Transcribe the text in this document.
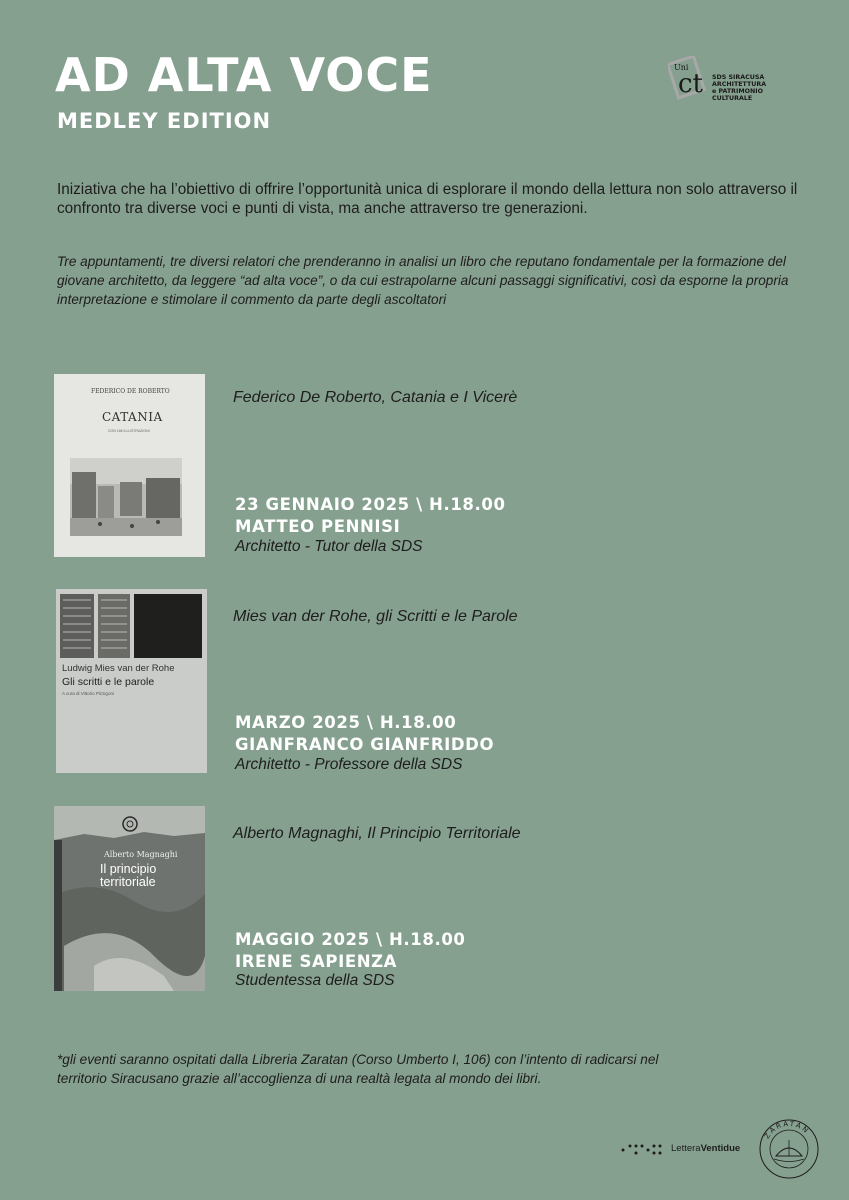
AD ALTA VOCE
MEDLEY EDITION
Uni
ct SDS SIRACUSA
ARCHITETTURA
e PATRIMONIO CULTURALE

Iniziativa che ha l’obiettivo di offrire l’opportunità unica di esplorare il mondo della lettura non solo attraverso il confronto tra diverse voci e punti di vista, ma anche attraverso tre generazioni.

Tre appuntamenti, tre diversi relatori che prenderanno in analisi un libro che reputano fondamentale per la formazione del giovane architetto, da leggere “ad alta voce”, o da cui estrapolarne alcuni passaggi significativi, così da esporne la propria interpretazione e stimolare il commento da parte degli ascoltatori

FEDERICO DE ROBERTO
CATANIA
CON 166 ILLUSTRAZIONI
Federico De Roberto, Catania e I Vicerè
23 GENNAIO 2025 \ H.18.00
MATTEO PENNISI
Architetto - Tutor della SDS
Ludwig Mies van der Rohe
Gli scritti e le parole
A cura di Vittorio Pizzigoni
Mies van der Rohe, gli Scritti e le Parole
MARZO 2025 \ H.18.00
GIANFRANCO GIANFRIDDO
Architetto - Professore della SDS
Alberto Magnaghi
Il principio
territoriale
Alberto Magnaghi, Il Principio Territoriale
MAGGIO 2025 \ H.18.00
IRENE SAPIENZA
Studentessa della SDS

*gli eventi saranno ospitati dalla Libreria Zaratan (Corso Umberto I, 106) con l’intento di radicarsi nel territorio Siracusano grazie all’accoglienza di una realtà legata al mondo dei libri.

LetteraVentidue
ZARATAN
